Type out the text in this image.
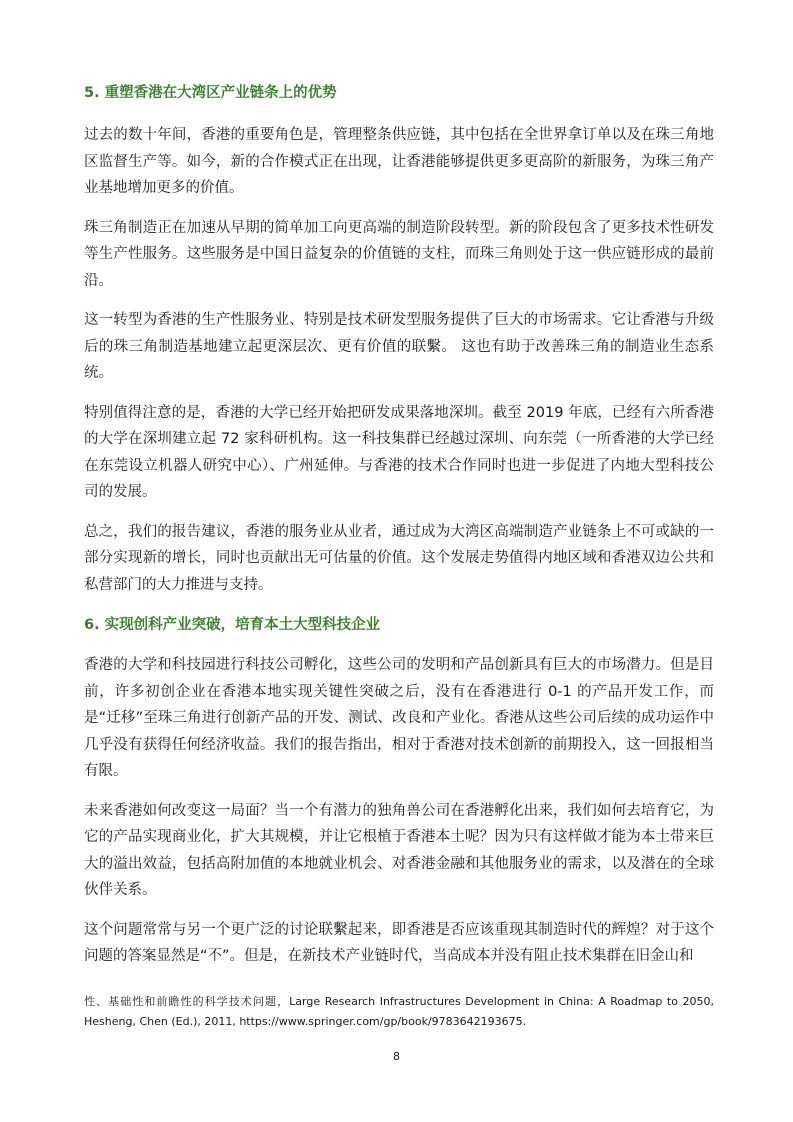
5. 重塑香港在大湾区产业链条上的优势

过去的数十年间，香港的重要角色是，管理整条供应链，其中包括在全世界拿订单以及在珠三角地区监督生产等。如今，新的合作模式正在出现，让香港能够提供更多更高阶的新服务，为珠三角产业基地增加更多的价值。

珠三角制造正在加速从早期的简单加工向更高端的制造阶段转型。新的阶段包含了更多技术性研发等生产性服务。这些服务是中国日益复杂的价值链的支柱，而珠三角则处于这一供应链形成的最前沿。

这一转型为香港的生产性服务业、特别是技术研发型服务提供了巨大的市场需求。它让香港与升级后的珠三角制造基地建立起更深层次、更有价值的联繫。 这也有助于改善珠三角的制造业生态系统。

特别值得注意的是，香港的大学已经开始把研发成果落地深圳。截至 2019 年底，已经有六所香港的大学在深圳建立起 72 家科研机构。这一科技集群已经越过深圳、向东莞（一所香港的大学已经在东莞设立机器人研究中心）、广州延伸。与香港的技术合作同时也进一步促进了内地大型科技公司的发展。

总之，我们的报告建议，香港的服务业从业者，通过成为大湾区高端制造产业链条上不可或缺的一部分实现新的增长，同时也贡献出无可估量的价值。这个发展走势值得内地区域和香港双边公共和私营部门的大力推进与支持。

6. 实现创科产业突破，培育本土大型科技企业

香港的大学和科技园进行科技公司孵化，这些公司的发明和产品创新具有巨大的市场潜力。但是目前，许多初创企业在香港本地实现关键性突破之后，没有在香港进行 0-1 的产品开发工作，而是“迁移”至珠三角进行创新产品的开发、测试、改良和产业化。香港从这些公司后续的成功运作中几乎没有获得任何经济收益。我们的报告指出，相对于香港对技术创新的前期投入，这一回报相当有限。

未来香港如何改变这一局面？当一个有潜力的独角兽公司在香港孵化出来，我们如何去培育它，为它的产品实现商业化，扩大其规模，并让它根植于香港本土呢？因为只有这样做才能为本土带来巨大的溢出效益，包括高附加值的本地就业机会、对香港金融和其他服务业的需求，以及潜在的全球伙伴关系。

这个问题常常与另一个更广泛的讨论联繫起来，即香港是否应该重现其制造时代的辉煌？对于这个问题的答案显然是“不”。但是，在新技术产业链时代，当高成本并没有阻止技术集群在旧金山和

性、基础性和前瞻性的科学技术问题，Large Research Infrastructures Development in China: A Roadmap to 2050, Hesheng, Chen (Ed.), 2011, https://www.springer.com/gp/book/9783642193675.
8
